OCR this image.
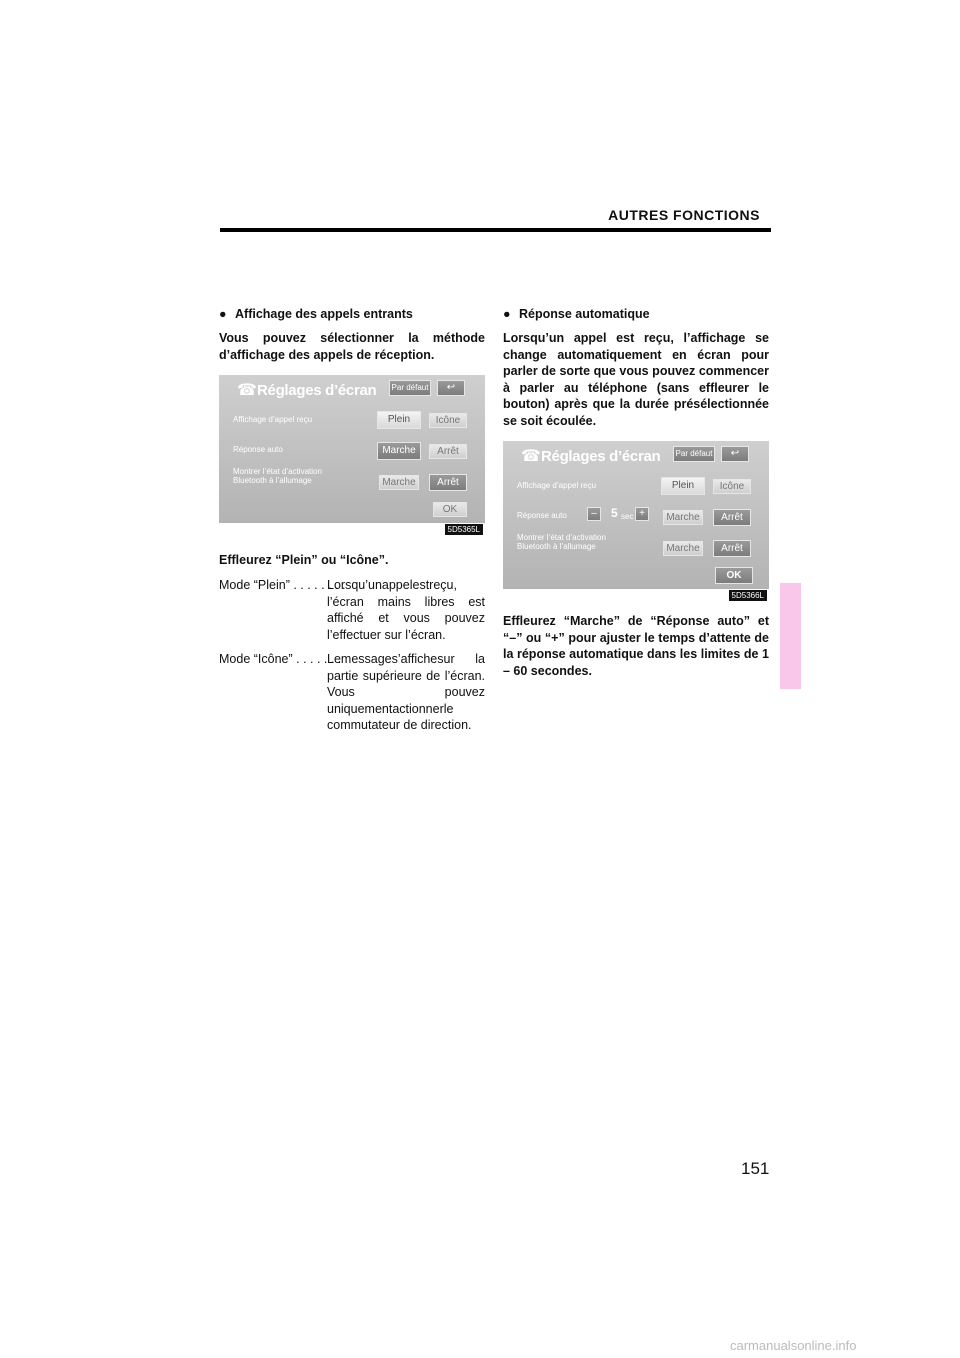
AUTRES FONCTIONS

● Affichage des appels entrants

Vous pouvez sélectionner la méthode d’affichage des appels de réception.

☎ Réglages d’écran	Par défaut	↩
Affichage d’appel reçu	Plein	Icône
Réponse auto	Marche	Arrêt
Montrer l’état d’activation Bluetooth à l’allumage	Marche	Arrêt
OK
5D5365L

Effleurez “Plein” ou “Icône”.

Mode “Plein” . . . . . . . .
Lorsqu’unappelestreçu, l’écran mains libres est affiché et vous pouvez l’effectuer sur l’écran.
Mode “Icône” . . . . . . .
Lemessages’affichesur la partie supérieure de l’écran. Vous pouvez uniquementactionnerle commutateur de direction.

● Réponse automatique

Lorsqu’un appel est reçu, l’affichage se change automatiquement en écran pour parler de sorte que vous pouvez commencer à parler au téléphone (sans effleurer le bouton) après que la durée présélectionnée se soit écoulée.

☎ Réglages d’écran	Par défaut	↩
Affichage d’appel reçu	Plein	Icône
Réponse auto	–	5 sec +	Marche	Arrêt
Montrer l’état d’activation Bluetooth à l’allumage	Marche	Arrêt
OK
5D5366L

Effleurez “Marche” de “Réponse auto” et “–” ou “+” pour ajuster le temps d’attente de la réponse automatique dans les limites de 1 – 60 secondes.

151
carmanualsonline.info
